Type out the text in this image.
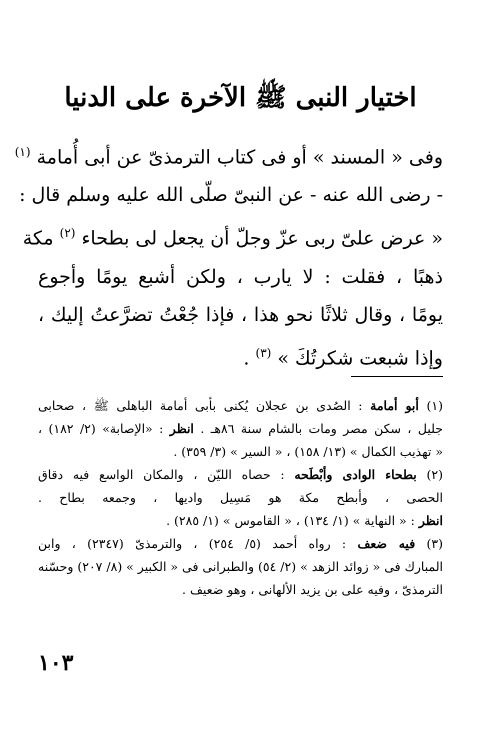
اختيار النبى ﷺ الآخرة على الدنيا
وفى « المسند » أو فى كتاب الترمذىّ عن أبى أُمامة $^{(١)}$
- رضى الله عنه - عن النبىّ صلّى الله عليه وسلم قال :
« عرض علىّ ربى عزّ وجلّ أن يجعل لى بطحاء $^{(٢)}$ مكة
ذهبًا ، فقلت : لا يارب ، ولكن أشبع يومًا وأجوع
يومًا ، وقال ثلاثًا نحو هذا ، فإذا جُعْتُ تضرَّعتُ إليك ،
وإذا شبعت شكرتُكَ » $^{(٣)}$ .
(١) أبو أمامة : الصُدى بن عجلان يُكنى بأبى أمامة الباهلى ﷺ ، صحابى
جليل ، سكن مصر ومات بالشام سنة ٨٦هـ . انظر : «الإصابة» (٢/ ١٨٢) ،
« تهذيب الكمال » (١٣/ ١٥٨) ، « السير » (٣/ ٣٥٩) .
(٢) بطحاء الوادى وأبْطَحه : حصاه الليّن ، والمكان الواسع فيه دقاق
الحصى ، وأبطح مكة هو مَسِيل واديها ، وجمعه بطاح .
انظر : « النهاية » (١/ ١٣٤) ، « القاموس » (١/ ٢٨٥) .
(٣) فيه ضعف : رواه أحمد (٥/ ٢٥٤) ، والترمذىّ (٢٣٤٧) ، وابن
المبارك فى « زوائد الزهد » (٢/ ٥٤) والطبرانى فى « الكبير » (٨/ ٢٠٧) وحسّنه
الترمذىّ ، وفيه على بن يزيد الألهانى ، وهو ضعيف .
١٠٣
